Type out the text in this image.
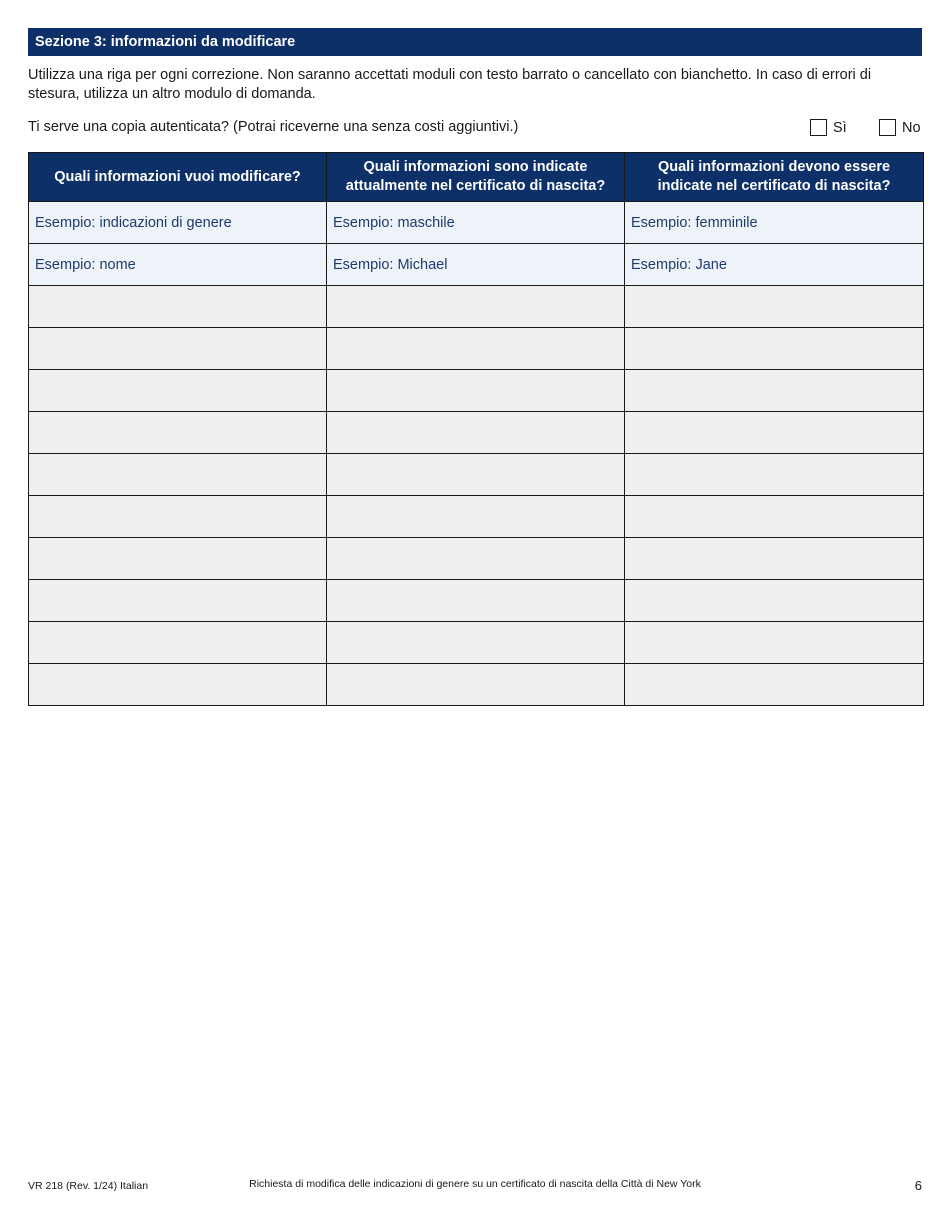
Sezione 3: informazioni da modificare
Utilizza una riga per ogni correzione. Non saranno accettati moduli con testo barrato o cancellato con bianchetto. In caso di errori di stesura, utilizza un altro modulo di domanda.
Ti serve una copia autenticata? (Potrai riceverne una senza costi aggiuntivi.)	Sì	No
Quali informazioni vuoi modificare?	Quali informazioni sono indicate attualmente nel certificato di nascita?	Quali informazioni devono essere indicate nel certificato di nascita?
Esempio: indicazioni di genere	Esempio: maschile	Esempio: femminile
Esempio: nome	Esempio: Michael	Esempio: Jane

VR 218 (Rev. 1/24) Italian	Richiesta di modifica delle indicazioni di genere su un certificato di nascita della Città di New York	6
